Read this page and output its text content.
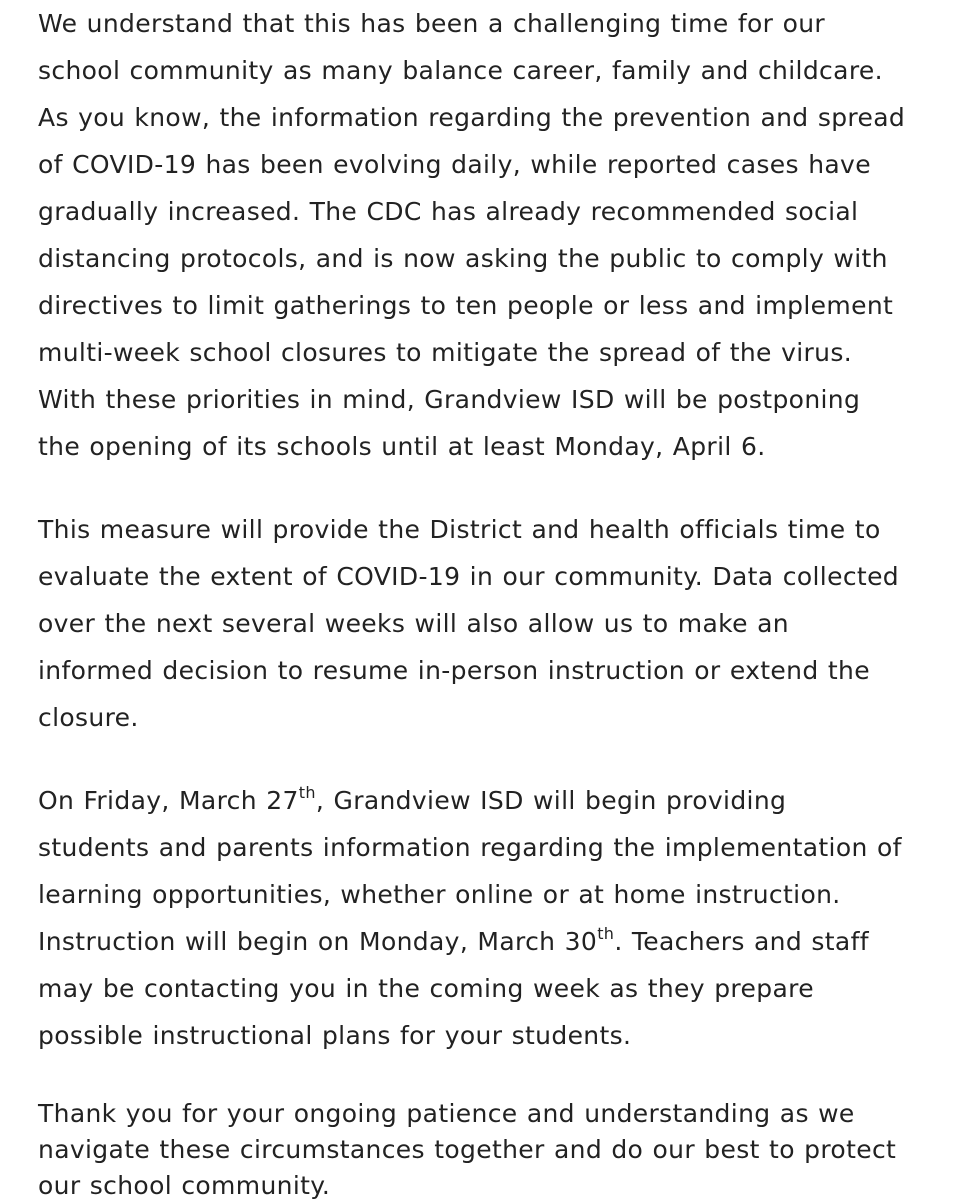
We understand that this has been a challenging time for our
school community as many balance career, family and childcare.
As you know, the information regarding the prevention and spread
of COVID-19 has been evolving daily, while reported cases have
gradually increased. The CDC has already recommended social
distancing protocols, and is now asking the public to comply with
directives to limit gatherings to ten people or less and implement
multi-week school closures to mitigate the spread of the virus.
With these priorities in mind, Grandview ISD will be postponing
the opening of its schools until at least Monday, April 6.
This measure will provide the District and health officials time to
evaluate the extent of COVID-19 in our community. Data collected
over the next several weeks will also allow us to make an
informed decision to resume in-person instruction or extend the
closure.
On Friday, March 27th, Grandview ISD will begin providing
students and parents information regarding the implementation of
learning opportunities, whether online or at home instruction.
Instruction will begin on Monday, March 30th. Teachers and staff
may be contacting you in the coming week as they prepare
possible instructional plans for your students.
Thank you for your ongoing patience and understanding as we
navigate these circumstances together and do our best to protect
our school community.
